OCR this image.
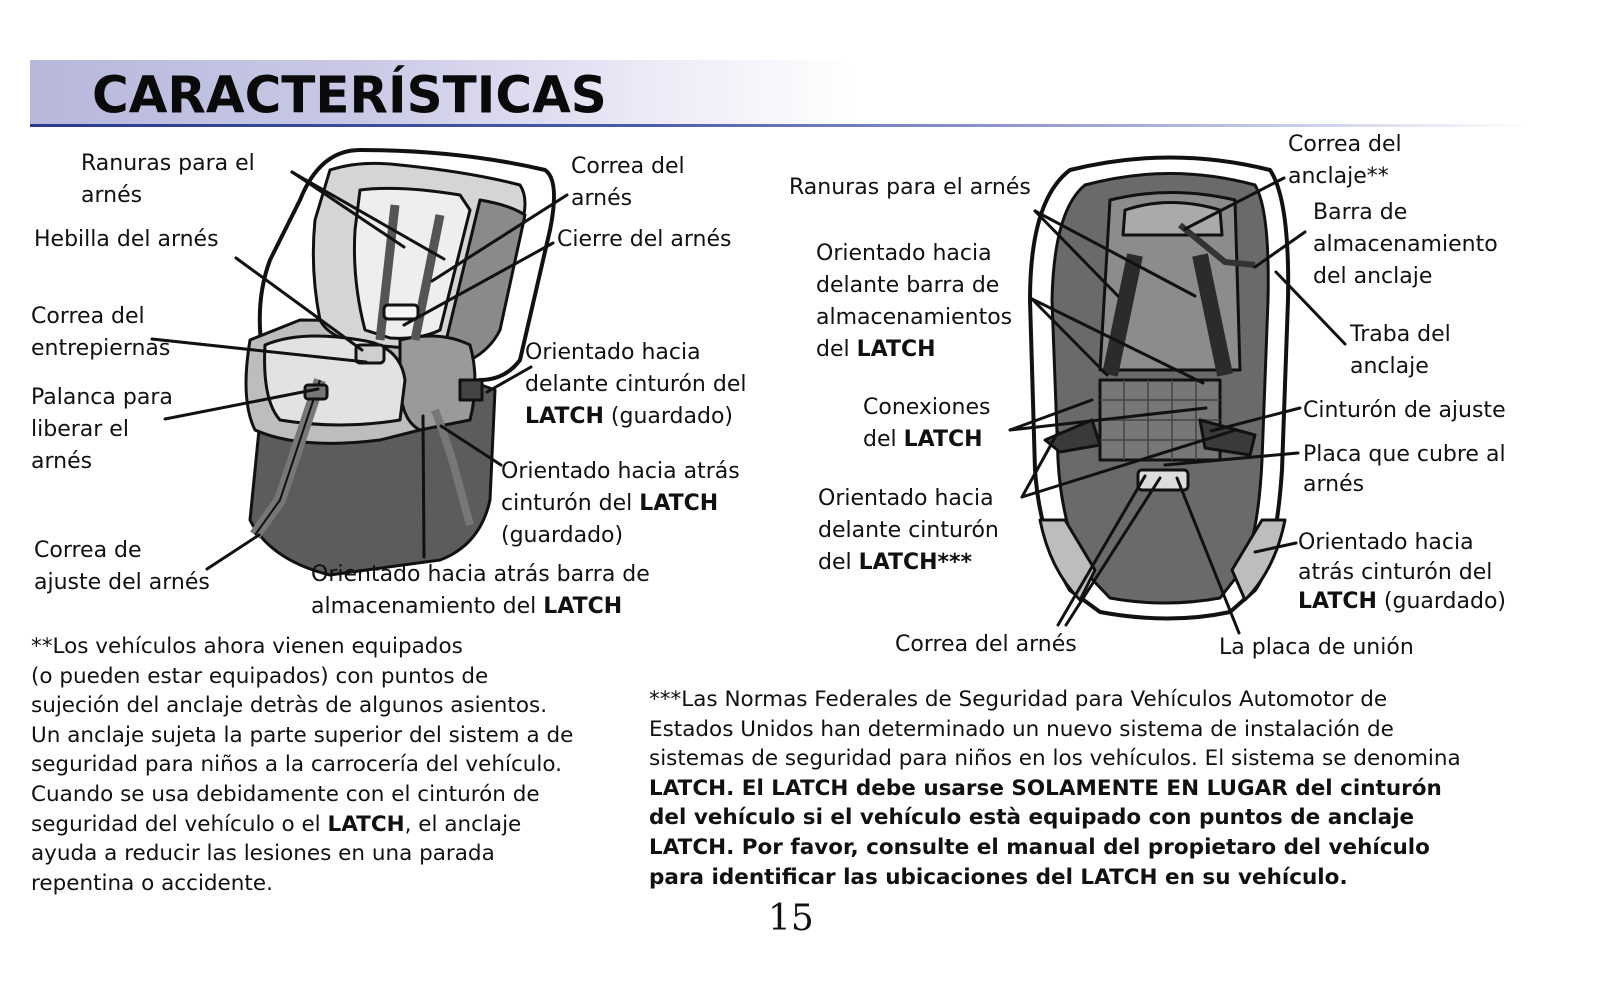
CARACTERÍSTICAS
Ranuras para el
arnés
Hebilla del arnés
Correa del
entrepiernas
Palanca para
liberar el
arnés
Correa de
ajuste del arnés
Correa del
arnés
Cierre del arnés
Orientado hacia
delante cinturón del
LATCH (guardado)
Orientado hacia atrás
cinturón del LATCH
(guardado)
Orientado hacia atrás barra de
almacenamiento del LATCH
Ranuras para el arnés
Orientado hacia
delante barra de
almacenamientos
del LATCH
Conexiones
del LATCH
Orientado hacia
delante cinturón
del LATCH***
Correa del arnés	La placa de unión
Correa del
anclaje**
Barra de
almacenamiento
del anclaje
Traba del
anclaje
Cinturón de ajuste
Placa que cubre al
arnés
Orientado hacia
atrás cinturón del
LATCH (guardado)
**Los vehículos ahora vienen equipados
(o pueden estar equipados) con puntos de
sujeción del anclaje detràs de algunos asientos.
Un anclaje sujeta la parte superior del sistem a de
seguridad para niños a la carrocería del vehículo.
Cuando se usa debidamente con el cinturón de
seguridad del vehículo o el LATCH, el anclaje
ayuda a reducir las lesiones en una parada
repentina o accidente.
***Las Normas Federales de Seguridad para Vehículos Automotor de
Estados Unidos han determinado un nuevo sistema de instalación de
sistemas de seguridad para niños en los vehículos. El sistema se denomina
LATCH. El LATCH debe usarse SOLAMENTE EN LUGAR del cinturón
del vehículo si el vehículo està equipado con puntos de anclaje
LATCH. Por favor, consulte el manual del propietaro del vehículo
para identificar las ubicaciones del LATCH en su vehículo.
15
